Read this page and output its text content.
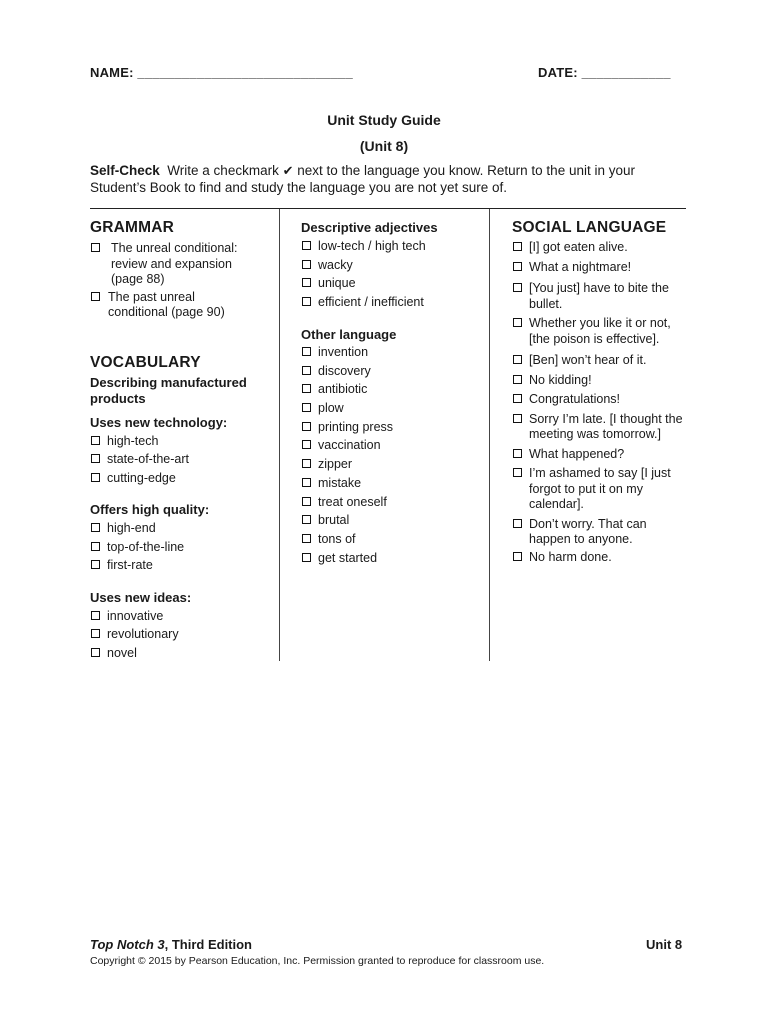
NAME: _____________________________	DATE: ____________
Unit Study Guide
(Unit 8)
Self-Check Write a checkmark ✔ next to the language you know. Return to the unit in your Student’s Book to find and study the language you are not yet sure of.
GRAMMAR
The unreal conditional: review and expansion (page 88)
The past unreal conditional (page 90)
VOCABULARY

Describing manufactured products

Uses new technology:

high-tech
state-of-the-art
cutting-edge

Offers high quality:

high-end
top-of-the-line
first-rate

Uses new ideas:

innovative
revolutionary
novel

Descriptive adjectives

low-tech / high tech
wacky
unique
efficient / inefficient

Other language

invention
discovery
antibiotic
plow
printing press
vaccination
zipper
mistake
treat oneself
brutal
tons of
get started
SOCIAL LANGUAGE
[I] got eaten alive.
What a nightmare!
[You just] have to bite the bullet.
Whether you like it or not, [the poison is effective].
[Ben] won’t hear of it.
No kidding!
Congratulations!
Sorry I’m late. [I thought the meeting was tomorrow.]
What happened?
I’m ashamed to say [I just forgot to put it on my calendar].
Don’t worry. That can happen to anyone.
No harm done.
Top Notch 3, Third Edition	Unit 8
Copyright © 2015 by Pearson Education, Inc. Permission granted to reproduce for classroom use.
